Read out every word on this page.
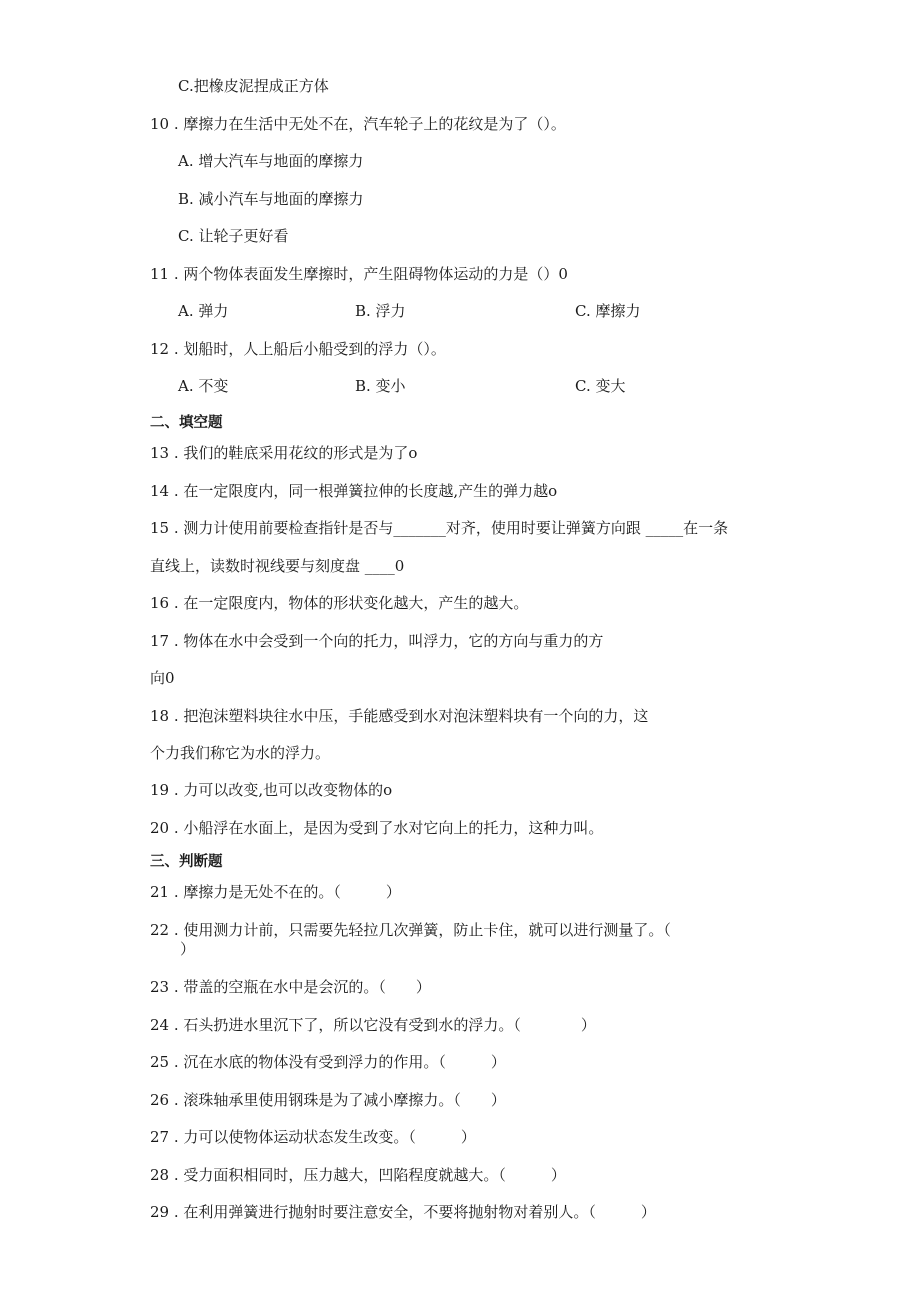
C.把橡皮泥捏成正方体
10 . 摩擦力在生活中无处不在，汽车轮子上的花纹是为了（）。
A. 增大汽车与地面的摩擦力
B. 减小汽车与地面的摩擦力
C. 让轮子更好看
11 . 两个物体表面发生摩擦时，产生阻碍物体运动的力是（）0
A. 弹力	B. 浮力	C. 摩擦力
12 . 划船时，人上船后小船受到的浮力（）。
A. 不变	B. 变小	C. 变大
二、填空题
13 . 我们的鞋底采用花纹的形式是为了o
14 . 在一定限度内，同一根弹簧拉伸的长度越,产生的弹力越o
15 . 测力计使用前要检查指针是否与_______对齐，使用时要让弹簧方向跟 _____在一条
直线上，读数时视线要与刻度盘 ____0
16 . 在一定限度内，物体的形状变化越大，产生的越大。
17 . 物体在水中会受到一个向的托力，叫浮力，它的方向与重力的方
向0
18 . 把泡沫塑料块往水中压，手能感受到水对泡沫塑料块有一个向的力，这
个力我们称它为水的浮力。
19 . 力可以改变,也可以改变物体的o
20 . 小船浮在水面上，是因为受到了水对它向上的托力，这种力叫。
三、判断题
21 . 摩擦力是无处不在的。（　　　）
22 . 使用测力计前，只需要先轻拉几次弹簧，防止卡住，就可以进行测量了。（
）
23 . 带盖的空瓶在水中是会沉的。（　　）
24 . 石头扔进水里沉下了，所以它没有受到水的浮力。（　　　　）
25 . 沉在水底的物体没有受到浮力的作用。（　　　）
26 . 滚珠轴承里使用钢珠是为了减小摩擦力。（　　）
27 . 力可以使物体运动状态发生改变。（　　　）
28 . 受力面积相同时，压力越大，凹陷程度就越大。（　　　）
29 . 在利用弹簧进行抛射时要注意安全，不要将抛射物对着别人。（　　　）
